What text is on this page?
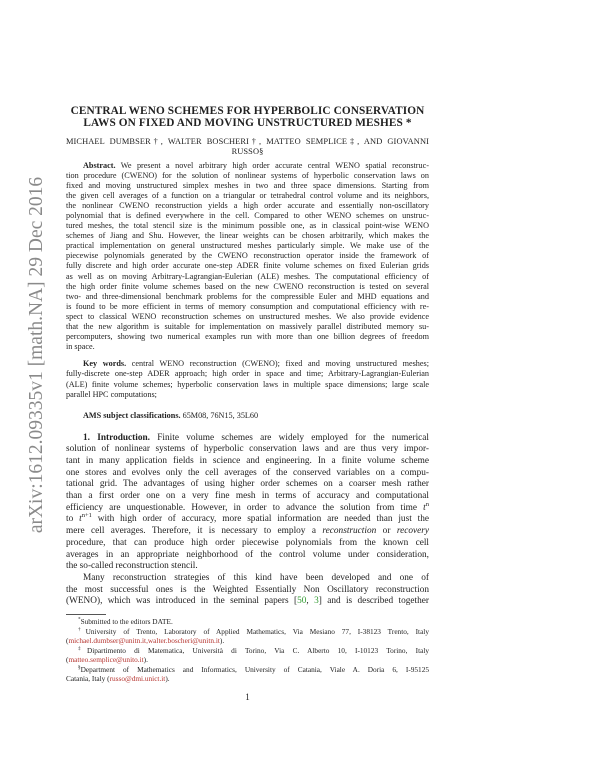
arXiv:1612.09335v1 [math.NA] 29 Dec 2016
CENTRAL WENO SCHEMES FOR HYPERBOLIC CONSERVATION
LAWS ON FIXED AND MOVING UNSTRUCTURED MESHES *
MICHAEL DUMBSER†, WALTER BOSCHERI†, MATTEO SEMPLICE‡, AND GIOVANNI
RUSSO§
Abstract. We present a novel arbitrary high order accurate central WENO spatial reconstruc-
tion procedure (CWENO) for the solution of nonlinear systems of hyperbolic conservation laws on
fixed and moving unstructured simplex meshes in two and three space dimensions. Starting from
the given cell averages of a function on a triangular or tetrahedral control volume and its neighbors,
the nonlinear CWENO reconstruction yields a high order accurate and essentially non-oscillatory
polynomial that is defined everywhere in the cell. Compared to other WENO schemes on unstruc-
tured meshes, the total stencil size is the minimum possible one, as in classical point-wise WENO
schemes of Jiang and Shu. However, the linear weights can be chosen arbitrarily, which makes the
practical implementation on general unstructured meshes particularly simple. We make use of the
piecewise polynomials generated by the CWENO reconstruction operator inside the framework of
fully discrete and high order accurate one-step ADER finite volume schemes on fixed Eulerian grids
as well as on moving Arbitrary-Lagrangian-Eulerian (ALE) meshes. The computational efficiency of
the high order finite volume schemes based on the new CWENO reconstruction is tested on several
two- and three-dimensional benchmark problems for the compressible Euler and MHD equations and
is found to be more efficient in terms of memory consumption and computational efficiency with re-
spect to classical WENO reconstruction schemes on unstructured meshes. We also provide evidence
that the new algorithm is suitable for implementation on massively parallel distributed memory su-
percomputers, showing two numerical examples run with more than one billion degrees of freedom
in space.
Key words. central WENO reconstruction (CWENO); fixed and moving unstructured meshes;
fully-discrete one-step ADER approach; high order in space and time; Arbitrary-Lagrangian-Eulerian
(ALE) finite volume schemes; hyperbolic conservation laws in multiple space dimensions; large scale
parallel HPC computations;
AMS subject classifications. 65M08, 76N15, 35L60
1. Introduction. Finite volume schemes are widely employed for the numerical
solution of nonlinear systems of hyperbolic conservation laws and are thus very impor-
tant in many application fields in science and engineering. In a finite volume scheme
one stores and evolves only the cell averages of the conserved variables on a compu-
tational grid. The advantages of using higher order schemes on a coarser mesh rather
than a first order one on a very fine mesh in terms of accuracy and computational
efficiency are unquestionable. However, in order to advance the solution from time $t^n$
to $t^{n+1}$ with high order of accuracy, more spatial information are needed than just the
mere cell averages. Therefore, it is necessary to employ a reconstruction or recovery
procedure, that can produce high order piecewise polynomials from the known cell
averages in an appropriate neighborhood of the control volume under consideration,
the so-called reconstruction stencil.
Many reconstruction strategies of this kind have been developed and one of
the most successful ones is the Weighted Essentially Non Oscillatory reconstruction
(WENO), which was introduced in the seminal papers [50, 3] and is described together
*Submitted to the editors DATE.
†University of Trento, Laboratory of Applied Mathematics, Via Mesiano 77, I-38123 Trento, Italy
(michael.dumbser@unitn.it,walter.boscheri@unitn.it).
‡Dipartimento di Matematica, Università di Torino, Via C. Alberto 10, I-10123 Torino, Italy
(matteo.semplice@unito.it).
§Department of Mathematics and Informatics, University of Catania, Viale A. Doria 6, I-95125
Catania, Italy (russo@dmi.unict.it).
1
